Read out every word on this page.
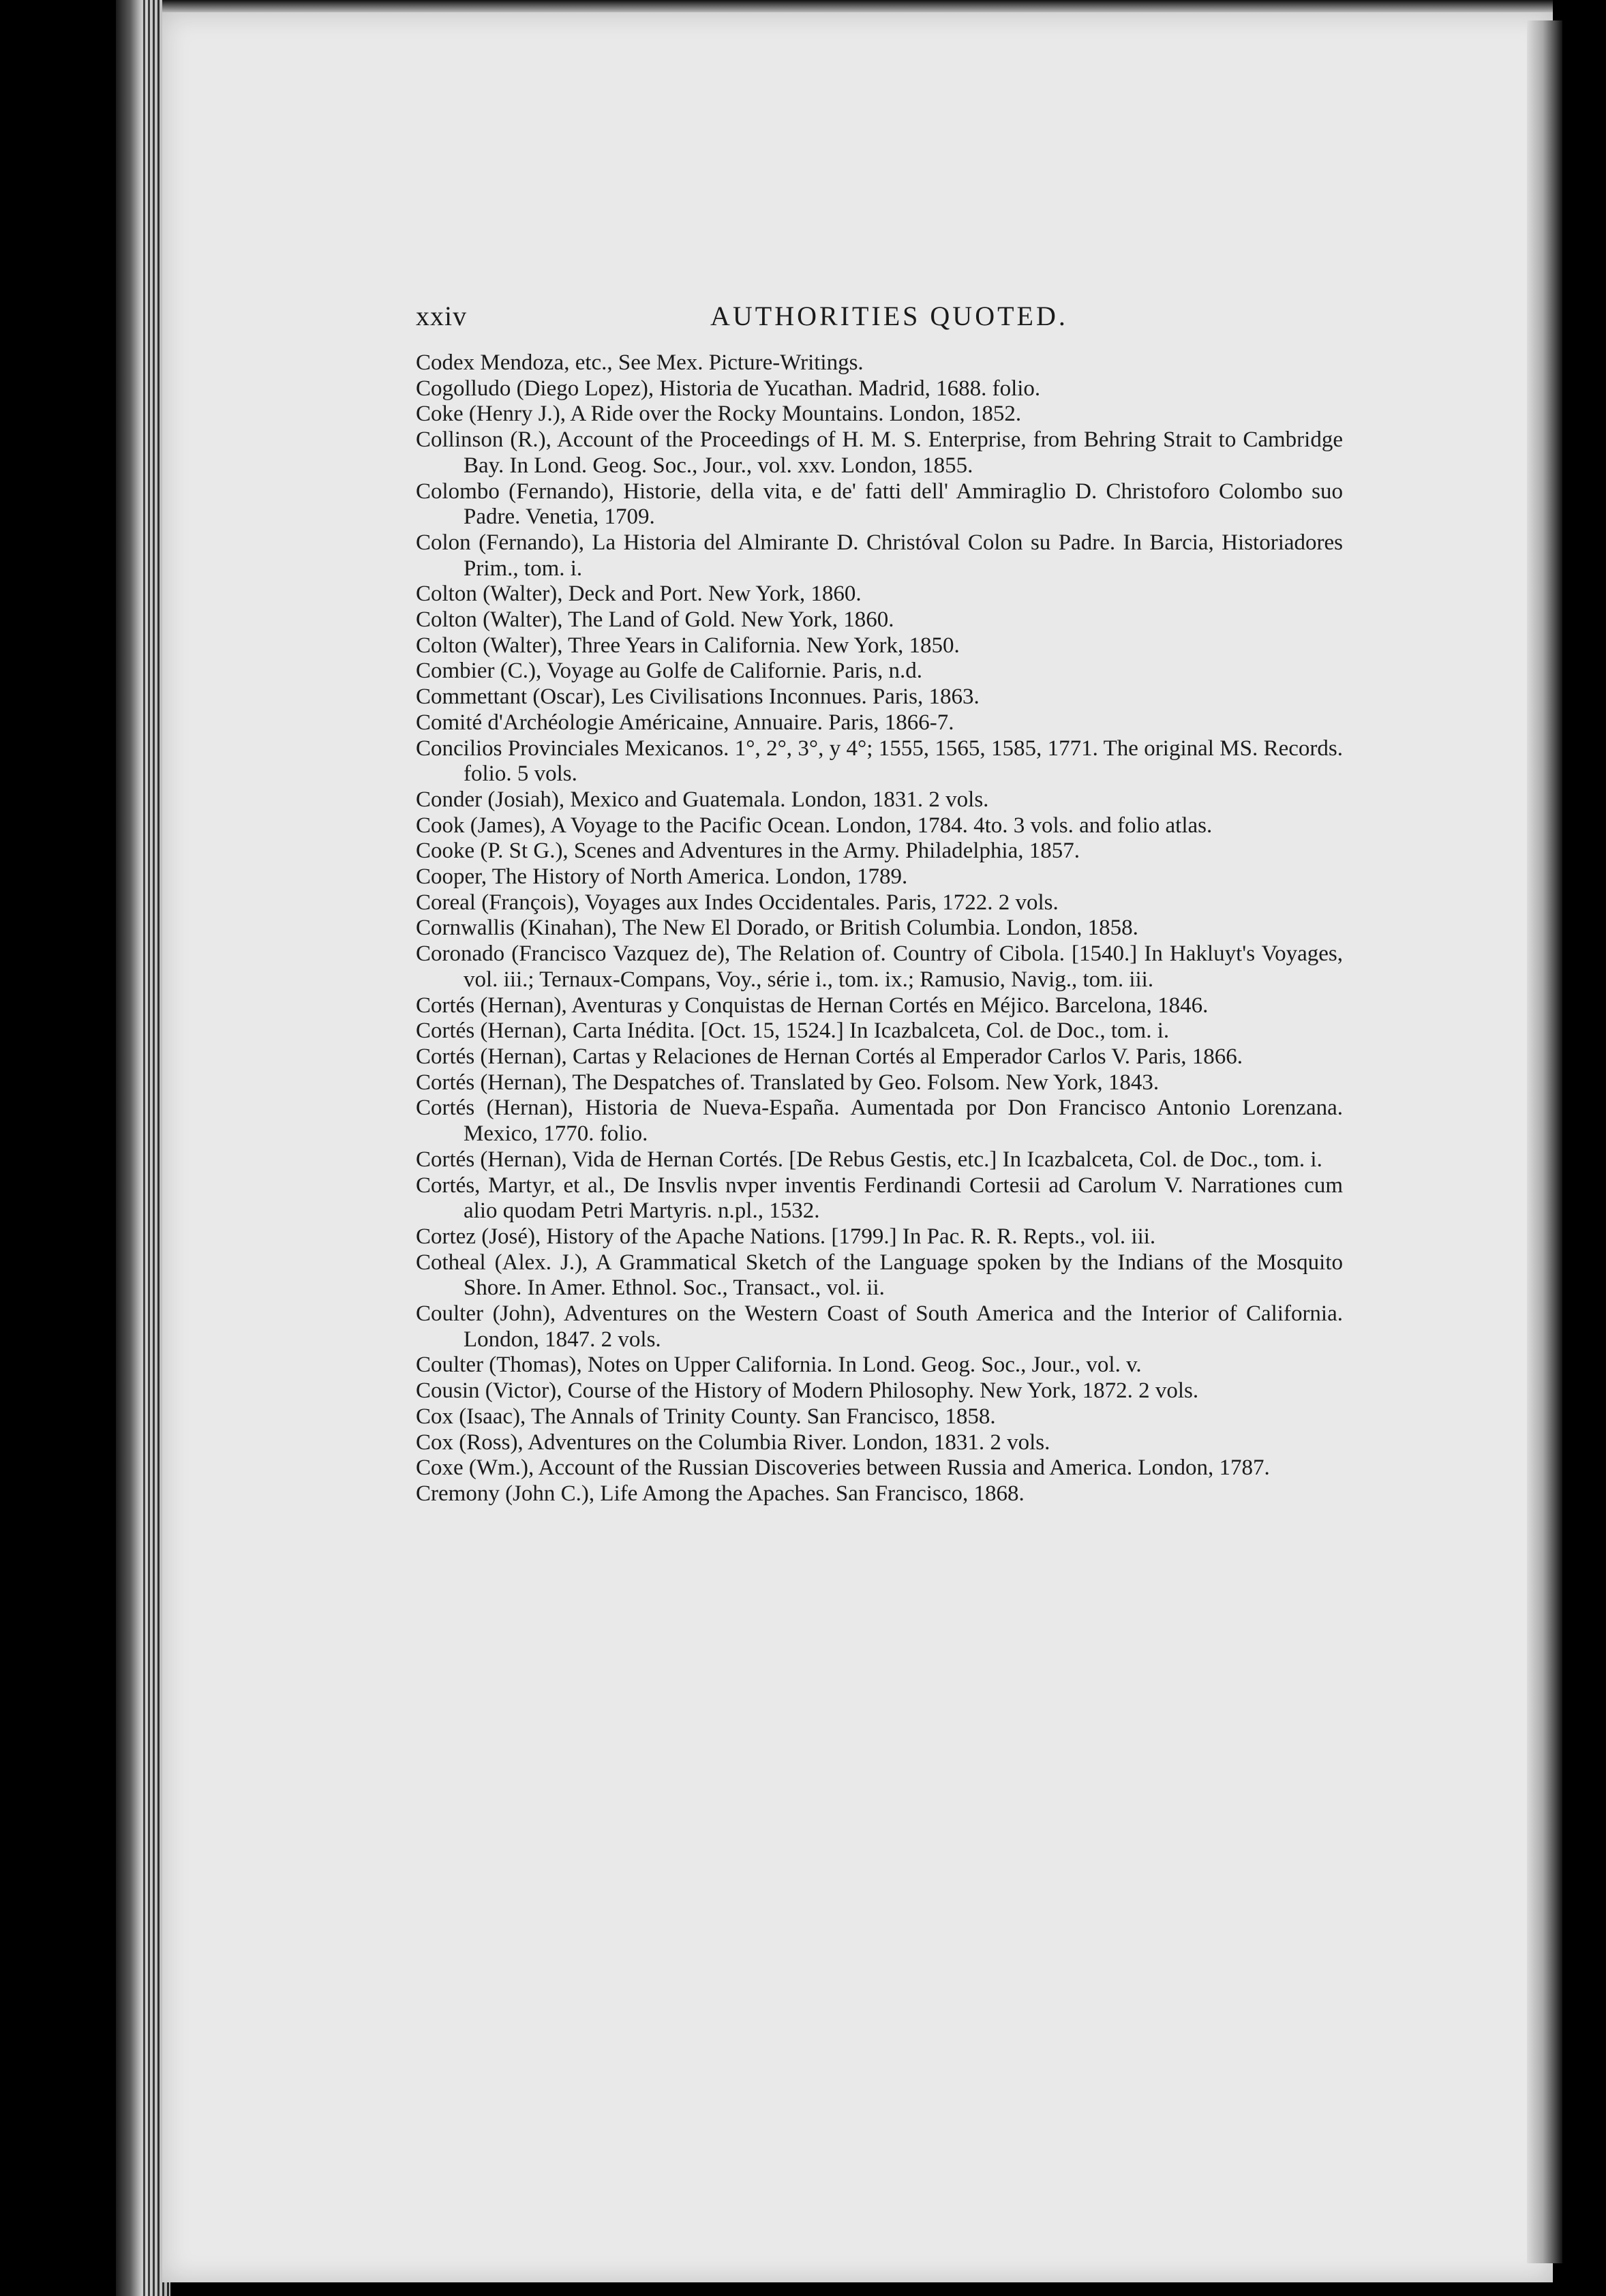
xxiv	AUTHORITIES QUOTED.
Codex Mendoza, etc., See Mex. Picture-Writings.
Cogolludo (Diego Lopez), Historia de Yucathan. Madrid, 1688. folio.
Coke (Henry J.), A Ride over the Rocky Mountains. London, 1852.
Collinson (R.), Account of the Proceedings of H. M. S. Enterprise, from Behring Strait to Cambridge Bay. In Lond. Geog. Soc., Jour., vol. xxv. London, 1855.
Colombo (Fernando), Historie, della vita, e de' fatti dell' Ammiraglio D. Christoforo Colombo suo Padre. Venetia, 1709.
Colon (Fernando), La Historia del Almirante D. Christóval Colon su Padre. In Barcia, Historiadores Prim., tom. i.
Colton (Walter), Deck and Port. New York, 1860.
Colton (Walter), The Land of Gold. New York, 1860.
Colton (Walter), Three Years in California. New York, 1850.
Combier (C.), Voyage au Golfe de Californie. Paris, n.d.
Commettant (Oscar), Les Civilisations Inconnues. Paris, 1863.
Comité d'Archéologie Américaine, Annuaire. Paris, 1866-7.
Concilios Provinciales Mexicanos. 1°, 2°, 3°, y 4°; 1555, 1565, 1585, 1771. The original MS. Records. folio. 5 vols.
Conder (Josiah), Mexico and Guatemala. London, 1831. 2 vols.
Cook (James), A Voyage to the Pacific Ocean. London, 1784. 4to. 3 vols. and folio atlas.
Cooke (P. St G.), Scenes and Adventures in the Army. Philadelphia, 1857.
Cooper, The History of North America. London, 1789.
Coreal (François), Voyages aux Indes Occidentales. Paris, 1722. 2 vols.
Cornwallis (Kinahan), The New El Dorado, or British Columbia. London, 1858.
Coronado (Francisco Vazquez de), The Relation of. Country of Cibola. [1540.] In Hakluyt's Voyages, vol. iii.; Ternaux-Compans, Voy., série i., tom. ix.; Ramusio, Navig., tom. iii.
Cortés (Hernan), Aventuras y Conquistas de Hernan Cortés en Méjico. Barcelona, 1846.
Cortés (Hernan), Carta Inédita. [Oct. 15, 1524.] In Icazbalceta, Col. de Doc., tom. i.
Cortés (Hernan), Cartas y Relaciones de Hernan Cortés al Emperador Carlos V. Paris, 1866.
Cortés (Hernan), The Despatches of. Translated by Geo. Folsom. New York, 1843.
Cortés (Hernan), Historia de Nueva-España. Aumentada por Don Francisco Antonio Lorenzana. Mexico, 1770. folio.
Cortés (Hernan), Vida de Hernan Cortés. [De Rebus Gestis, etc.] In Icazbalceta, Col. de Doc., tom. i.
Cortés, Martyr, et al., De Insvlis nvper inventis Ferdinandi Cortesii ad Carolum V. Narrationes cum alio quodam Petri Martyris. n.pl., 1532.
Cortez (José), History of the Apache Nations. [1799.] In Pac. R. R. Repts., vol. iii.
Cotheal (Alex. J.), A Grammatical Sketch of the Language spoken by the Indians of the Mosquito Shore. In Amer. Ethnol. Soc., Transact., vol. ii.
Coulter (John), Adventures on the Western Coast of South America and the Interior of California. London, 1847. 2 vols.
Coulter (Thomas), Notes on Upper California. In Lond. Geog. Soc., Jour., vol. v.
Cousin (Victor), Course of the History of Modern Philosophy. New York, 1872. 2 vols.
Cox (Isaac), The Annals of Trinity County. San Francisco, 1858.
Cox (Ross), Adventures on the Columbia River. London, 1831. 2 vols.
Coxe (Wm.), Account of the Russian Discoveries between Russia and America. London, 1787.
Cremony (John C.), Life Among the Apaches. San Francisco, 1868.
